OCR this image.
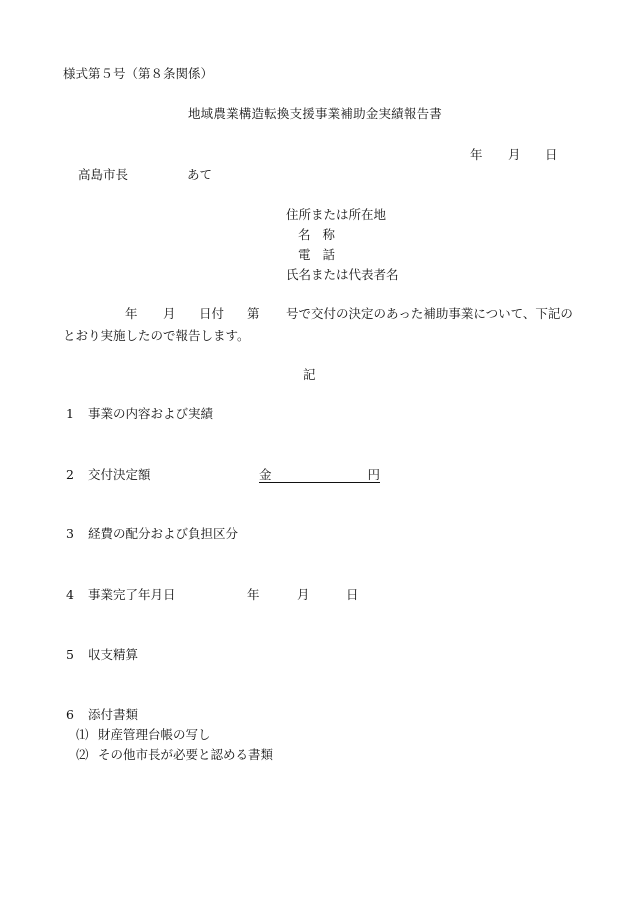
様式第５号（第８条関係）
地域農業構造転換支援事業補助金実績報告書
年 月 日
高島市長	あて
住所または所在地
名称
電話
氏名または代表者名
年 月 日付 第 号で交付の決定のあった補助事業について、下記の
とおり実施したので報告します。
記
1 事業の内容および実績
2 交付決定額	金	円
3 経費の配分および負担区分
4 事業完了年月日	年	月	日
5 収支精算
6 添付書類
⑴ 財産管理台帳の写し
⑵ その他市長が必要と認める書類
